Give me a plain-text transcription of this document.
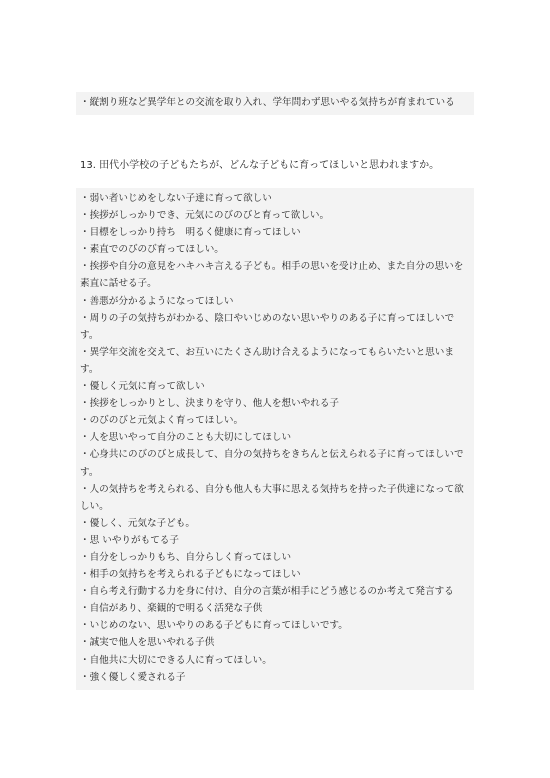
・縦割り班など異学年との交流を取り入れ、学年問わず思いやる気持ちが育まれている
13. 田代小学校の子どもたちが、どんな子どもに育ってほしいと思われますか。
・弱い者いじめをしない子達に育って欲しい
・挨拶がしっかりでき、元気にのびのびと育って欲しい。
・目標をしっかり持ち　明るく健康に育ってほしい
・素直でのびのび育ってほしい。
・挨拶や自分の意見をハキハキ言える子ども。相手の思いを受け止め、また自分の思いを素直に話せる子。
・善悪が分かるようになってほしい
・周りの子の気持ちがわかる、陰口やいじめのない思いやりのある子に育ってほしいです。
・異学年交流を交えて、お互いにたくさん助け合えるようになってもらいたいと思います。
・優しく元気に育って欲しい
・挨拶をしっかりとし、決まりを守り、他人を想いやれる子
・のびのびと元気よく育ってほしい。
・人を思いやって自分のことも大切にしてほしい
・心身共にのびのびと成長して、自分の気持ちをきちんと伝えられる子に育ってほしいです。
・人の気持ちを考えられる、自分も他人も大事に思える気持ちを持った子供達になって欲しい。
・優しく、元気な子ども。
・思 いやりがもてる子
・自分をしっかりもち、自分らしく育ってほしい
・相手の気持ちを考えられる子どもになってほしい
・自ら考え行動する力を身に付け、自分の言葉が相手にどう感じるのか考えて発言する
・自信があり、楽観的で明るく活発な子供
・いじめのない、思いやりのある子どもに育ってほしいです。
・誠実で他人を思いやれる子供
・自他共に大切にできる人に育ってほしい。
・強く優しく愛される子
